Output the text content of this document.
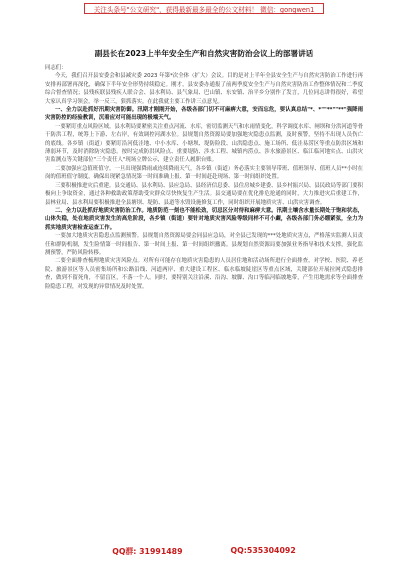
关注头条号"公文研究"，获得最新最多最全的公文材料！ 微信：gongwen1
副县长在2023上半年安全生产和自然灾害防治会议上的部署讲话

同志们：

今天，我们召开县安委会和县减灾委 2023 年第*次全体（扩大）会议。目的是对上半年全县安全生产与自然灾害防治工作进行再安排再部署再深化，确保下半年安全形势持续稳定。刚才，县安委办通报了前两季度安全生产与自然灾害防治工作整体情况和二季度综合督查情况；县残疾联县残疾人联合会、县水利局、县气象局、巴山镇、东安镇、治平乡分别作了发言，几位同志讲得很好，希望大家认真学习领会，举一反三，狠抓落实。在此我就主要工作讲三点意见。

一、全力以赴抓好汛期灾害防御。汛期才刚刚开始，各级各部门切不可麻痹大意，安而忘危，要认真总结"*、*""**""**"强降雨灾害防控的经验教训，沉着应对可能出现的极端天气。

一要紧盯重点风险区域。县水利局要紧密关注重点河流、水库，密切监测天气和水雨情变化，科学调度水库、闸坝和分洪河道等骨干防洪工程，统筹上下游、左右岸，有效调控河湖水位。县规划自然资源局要加强地灾隐患点监测，及时预警，坚持不出现人员伤亡的底线。各乡镇（街道）要紧盯沿河低洼地、中小水库、小塘坝、堤防险段、山洪隐患点、施工场所、低洼易涝区等重点防洪区域和薄弱环节，及时消除防灾隐患。按时完成防洪风险点、重要堤防、涉水工程、城镇内涝点、涉水旅游景区、临江临河地实点、山洪灾害监测点等关键部位"三个责任人"现场立牌公示，建立责任人履职台账。

二要加强应急值班值守。一旦出现强降雨或连续降雨天气，各乡镇（街道）务必落实主要领导带班、值班领导、值班人员**小时在岗的值班值守制度，确保出现紧急情况第一时间准确上报、第一时间赶赴现场、第一时间组织处置。

三要积极推进灾后重建。县交通局、县水利局、县应急局、县经济信息委、县住房城乡建委、县乡村振兴局、县民政局等部门要积极向上争取资金，通过各种救助政策帮助受灾群众尽快恢复生产生活。县交通局要在优化排危抢通的同时，大力推进灾后重建工作，县林业局、县水利局要积极推进全县塘坝、堤防、县道等水毁设施修复工作，同时组织开展地质灾害、山洪灾害调查。

二、全力以赴抓好地质灾害防治工作。地质防范一刻也不能松劲，切忌区分对待和麻痹大意。汛期土壤含水量长期处于饱和状态，山体失稳，处在地质灾害发生的高危阶段，各乡镇（街道）要针对地质灾害风险等级同样不可小觑，各级各部门务必绷紧弦，全力为抓实地质灾害检查运查工作。

一要加大地质灾害隐患点监测预警。县规划自然资源局要会同县应急局，对全县已发现的***处地质灾害点，严格落实监测人员责任和群防机制，发生险情第一时间报告、第一时间上报、第一时间组织撤离。县规划自然资源局要加强业务指导和技术支撑，强化监测预警，严防风险转移。

二要全面排查梳理地质灾害风险点。对所有可能存在地质灾害隐患的人员居住地和活动场所进行全面排查，对学校、医院、养老院、旅游景区等人员密集场所和公路沿线、河道两岸、重大建设工程区、临水临坡陡崖区等重点区域，关键部位开展拉网式隐患排查，做到不留死角，不留盲区，不落一个人。同时，要特别关注沿溪、沿沟、坡脚、沟口等临河临坡地带，产生用地需求等全面排查险隐患工程，对发现的异常情况及时处置。

QQ群: 31991489	QQ:535304092
